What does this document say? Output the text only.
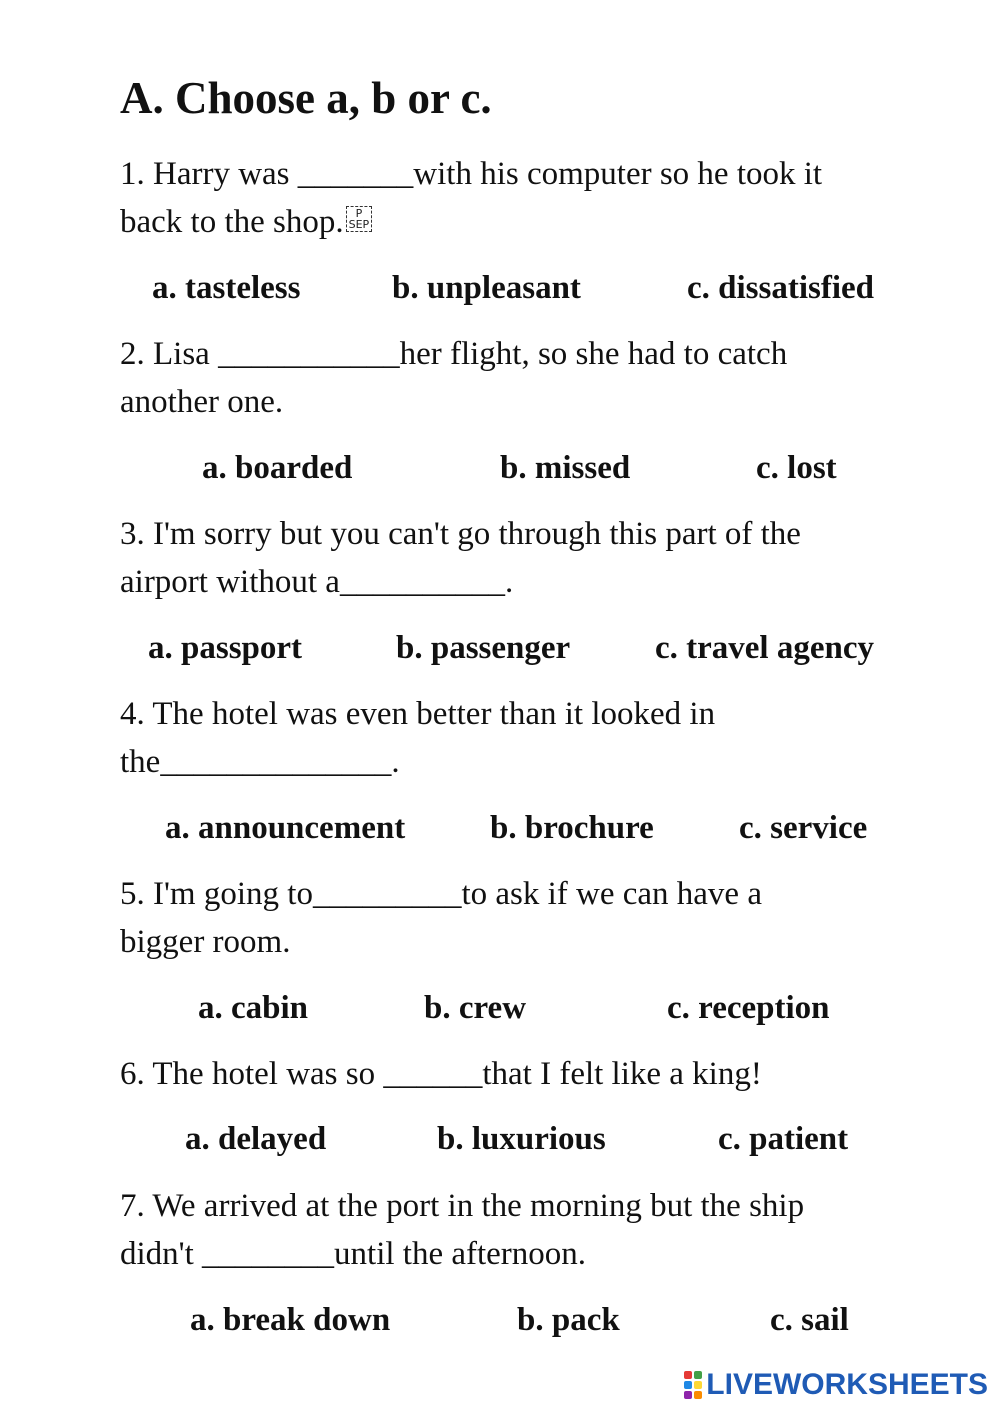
A. Choose a, b or c.
1. Harry was _______with his computer so he took it
back to the shop. P
SEP
a. tasteless	b. unpleasant	c. dissatisfied
2. Lisa ___________her flight, so she had to catch
another one.
a. boarded	b. missed	c. lost
3. I'm sorry but you can't go through this part of the
airport without a__________.
a. passport	b. passenger	c. travel agency
4. The hotel was even better than it looked in
the______________.
a. announcement	b. brochure	c. service
5. I'm going to_________to ask if we can have a
bigger room.
a. cabin	b. crew	c. reception
6. The hotel was so ______that I felt like a king!
a. delayed	b. luxurious	c. patient
7. We arrived at the port in the morning but the ship
didn't ________until the afternoon.
a. break down	b. pack	c. sail
LIVEWORKSHEETS
